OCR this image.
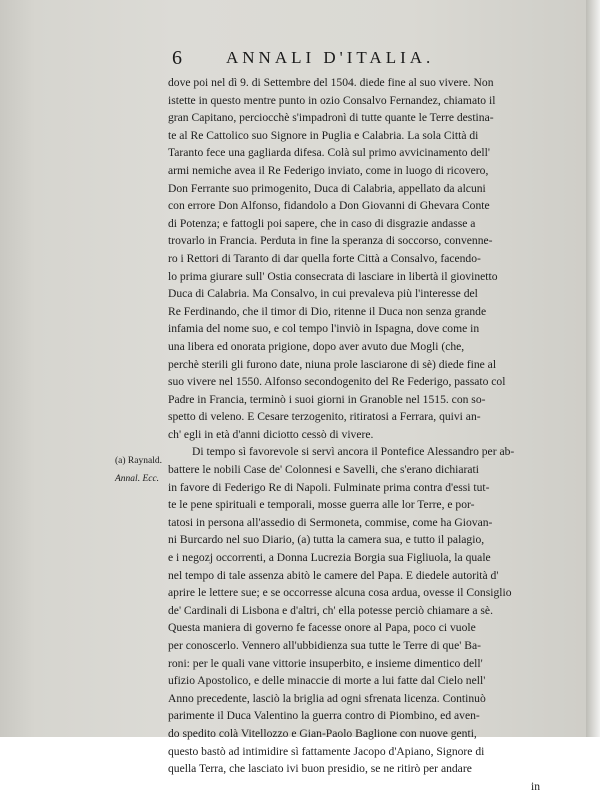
6	ANNALI D'ITALIA.
(a) Raynald.
Annal. Ecc.
dove poi nel dì 9. di Settembre del 1504. diede fine al suo vivere. Non
istette in questo mentre punto in ozio Consalvo Fernandez, chiamato il
gran Capitano, perciocchè s'impadronì di tutte quante le Terre destina-
te al Re Cattolico suo Signore in Puglia e Calabria. La sola Città di
Taranto fece una gagliarda difesa. Colà sul primo avvicinamento dell'
armi nemiche avea il Re Federigo inviato, come in luogo di ricovero,
Don Ferrante suo primogenito, Duca di Calabria, appellato da alcuni
con errore Don Alfonso, fidandolo a Don Giovanni di Ghevara Conte
di Potenza; e fattogli poi sapere, che in caso di disgrazie andasse a
trovarlo in Francia. Perduta in fine la speranza di soccorso, convenne-
ro i Rettori di Taranto di dar quella forte Città a Consalvo, facendo-
lo prima giurare sull' Ostia consecrata di lasciare in libertà il giovinetto
Duca di Calabria. Ma Consalvo, in cui prevaleva più l'interesse del
Re Ferdinando, che il timor di Dio, ritenne il Duca non senza grande
infamia del nome suo, e col tempo l'inviò in Ispagna, dove come in
una libera ed onorata prigione, dopo aver avuto due Mogli (che,
perchè sterili gli furono date, niuna prole lasciarone di sè) diede fine al
suo vivere nel 1550. Alfonso secondogenito del Re Federigo, passato col
Padre in Francia, terminò i suoi giorni in Granoble nel 1515. con so-
spetto di veleno. E Cesare terzogenito, ritiratosi a Ferrara, quivi an-
ch' egli in età d'anni diciotto cessò di vivere.
Di tempo sì favorevole si servì ancora il Pontefice Alessandro per ab-
battere le nobili Case de' Colonnesi e Savelli, che s'erano dichiarati
in favore di Federigo Re di Napoli. Fulminate prima contra d'essi tut-
te le pene spirituali e temporali, mosse guerra alle lor Terre, e por-
tatosi in persona all'assedio di Sermoneta, commise, come ha Giovan-
ni Burcardo nel suo Diario, (a) tutta la camera sua, e tutto il palagio,
e i negozj occorrenti, a Donna Lucrezia Borgia sua Figliuola, la quale
nel tempo di tale assenza abitò le camere del Papa. E diedele autorità d'
aprire le lettere sue; e se occorresse alcuna cosa ardua, ovesse il Consiglio
de' Cardinali di Lisbona e d'altri, ch' ella potesse perciò chiamare a sè.
Questa maniera di governo fe facesse onore al Papa, poco ci vuole
per conoscerlo. Vennero all'ubbidienza sua tutte le Terre di que' Ba-
roni: per le quali vane vittorie insuperbito, e insieme dimentico dell'
ufizio Apostolico, e delle minaccie di morte a lui fatte dal Cielo nell'
Anno precedente, lasciò la briglia ad ogni sfrenata licenza. Continuò
parimente il Duca Valentino la guerra contro di Piombino, ed aven-
do spedito colà Vitellozzo e Gian-Paolo Baglione con nuove genti,
questo bastò ad intimidire sì fattamente Jacopo d'Apiano, Signore di
quella Terra, che lasciato ivi buon presidio, se ne ritirò per andare
in
